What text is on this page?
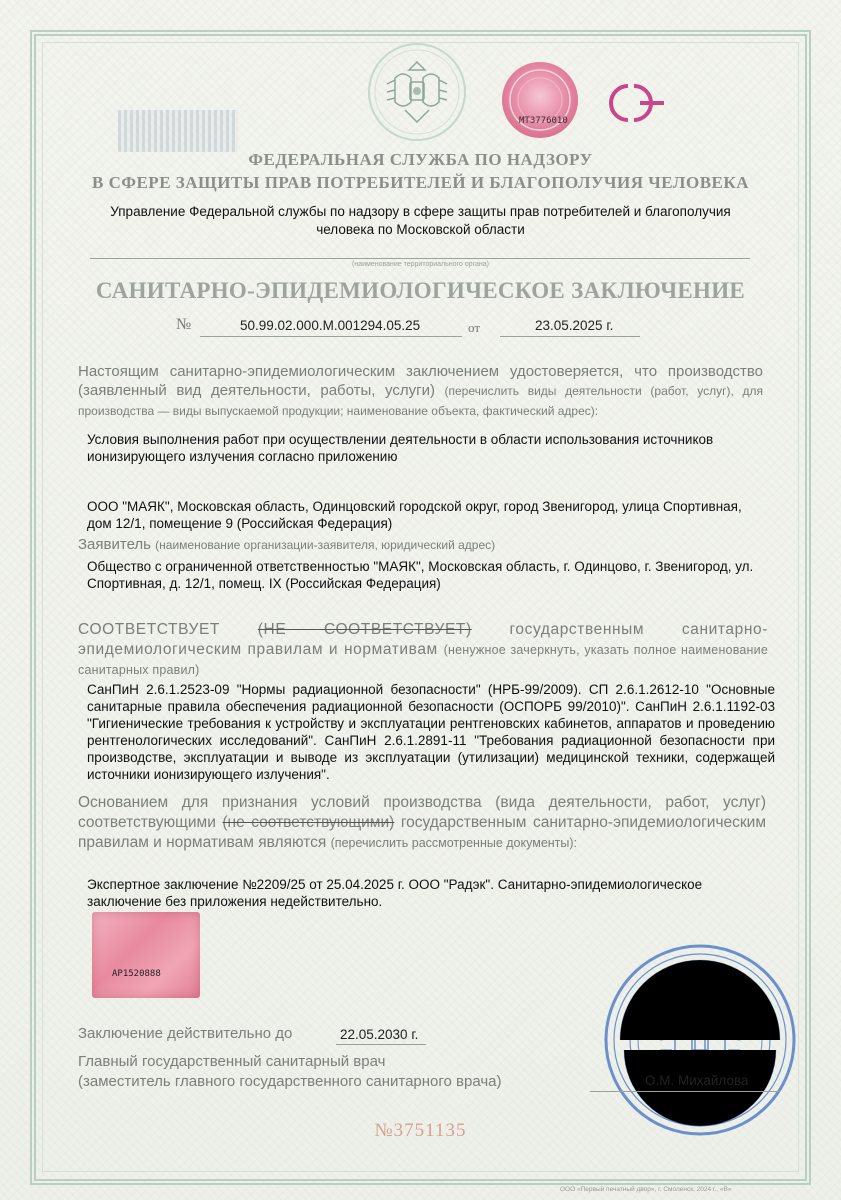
MT3776010
ФЕДЕРАЛЬНАЯ СЛУЖБА ПО НАДЗОРУ
В СФЕРЕ ЗАЩИТЫ ПРАВ ПОТРЕБИТЕЛЕЙ И БЛАГОПОЛУЧИЯ ЧЕЛОВЕКА
Управление Федеральной службы по надзору в сфере защиты прав потребителей и благополучия человека по Московской области
(наименование территориального органа)
САНИТАРНО-ЭПИДЕМИОЛОГИЧЕСКОЕ ЗАКЛЮЧЕНИЕ
№	50.99.02.000.М.001294.05.25	от	23.05.2025 г.
Настоящим санитарно-эпидемиологическим заключением удостоверяется, что производство (заявленный вид деятельности, работы, услуги) (перечислить виды деятельности (работ, услуг), для производства — виды выпускаемой продукции; наименование объекта, фактический адрес):
Условия выполнения работ при осуществлении деятельности в области использования источников ионизирующего излучения согласно приложению
ООО "МАЯК", Московская область, Одинцовский городской округ, город Звенигород, улица Спортивная, дом 12/1, помещение 9 (Российская Федерация)
Заявитель (наименование организации-заявителя, юридический адрес)
Общество с ограниченной ответственностью "МАЯК", Московская область, г. Одинцово, г. Звенигород, ул. Спортивная, д. 12/1, помещ. IX (Российская Федерация)
СООТВЕТСТВУЕТ (НЕ СООТВЕТСТВУЕТ) государственным санитарно-эпидемиологическим правилам и нормативам (ненужное зачеркнуть, указать полное наименование санитарных правил)
СанПиН 2.6.1.2523-09 "Нормы радиационной безопасности" (НРБ-99/2009). СП 2.6.1.2612-10 "Основные санитарные правила обеспечения радиационной безопасности (ОСПОРБ 99/2010)". СанПиН 2.6.1.1192-03 "Гигиенические требования к устройству и эксплуатации рентгеновских кабинетов, аппаратов и проведению рентгенологических исследований". СанПиН 2.6.1.2891-11 "Требования радиационной безопасности при производстве, эксплуатации и выводе из эксплуатации (утилизации) медицинской техники, содержащей источники ионизирующего излучения".
Основанием для признания условий производства (вида деятельности, работ, услуг) соответствующими (не соответствующими) государственным санитарно-эпидемиологическим правилам и нормативам являются (перечислить рассмотренные документы):
Экспертное заключение №2209/25 от 25.04.2025 г. ООО "Радэк". Санитарно-эпидемиологическое заключение без приложения недействительно.
AP1520888
Заключение действительно до	22.05.2030 г.
Главный государственный санитарный врач
(заместитель главного государственного санитарного врача)	О.М. Михайлова
№3751135
ООО «Первый печатный двор», г. Смоленск, 2024 г., «В»
